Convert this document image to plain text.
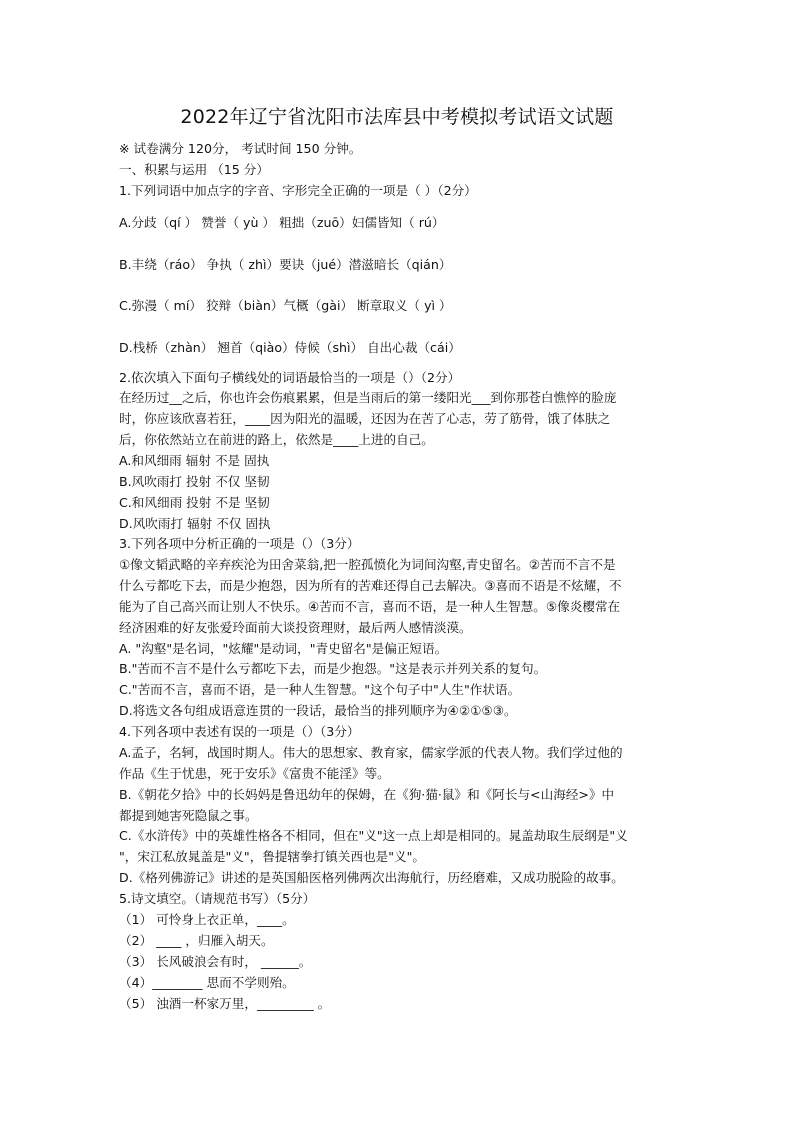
2022年辽宁省沈阳市法库县中考模拟考试语文试题
※ 试卷满分 120分， 考试时间 150 分钟。
一、积累与运用 （15 分）
1.下列词语中加点字的字音、字形完全正确的一项是（ ）（2分）
A.分歧（qí ） 赞誉（ yù ） 粗拙（zuō）妇儒皆知（ rú）
B.丰绕（ráo） 争执（ zhì）要诀（jué）潜滋暗长（qián）
C.弥漫（ mí） 狡辩（biàn）气概（gài） 断章取义（ yì ）
D.栈桥（zhàn） 翘首（qiào）侍候（shì） 自出心裁（cái）
2.依次填入下面句子横线处的词语最恰当的一项是（）（2分）
在经历过__之后，你也许会伤痕累累，但是当雨后的第一缕阳光___到你那苍白憔悴的脸庞
时，你应该欣喜若狂，____因为阳光的温暖，还因为在苦了心志，劳了筋骨，饿了体肤之
后，你依然站立在前进的路上，依然是____上进的自己。
A.和风细雨 辐射 不是 固执
B.风吹雨打 投射 不仅 坚韧
C.和风细雨 投射 不是 坚韧
D.风吹雨打 辐射 不仅 固执
3.下列各项中分析正确的一项是（）（3分）
①像文韬武略的辛弃疾沦为田舍菜翁,把一腔孤愤化为词间沟壑,青史留名。②苦而不言不是
什么亏都吃下去，而是少抱怨，因为所有的苦难还得自己去解决。③喜而不语是不炫耀，不
能为了自己高兴而让别人不快乐。④苦而不言，喜而不语，是一种人生智慧。⑤像炎樱常在
经济困难的好友张爱玲面前大谈投资理财，最后两人感情淡漠。
A. "沟壑"是名词，"炫耀"是动词，"青史留名"是偏正短语。
B."苦而不言不是什么亏都吃下去，而是少抱怨。"这是表示并列关系的复句。
C."苦而不言，喜而不语，是一种人生智慧。"这个句子中"人生"作状语。
D.将选文各句组成语意连贯的一段话，最恰当的排列顺序为④②①⑤③。
4.下列各项中表述有误的一项是（）（3分）
A.孟子，名轲，战国时期人。伟大的思想家、教育家，儒家学派的代表人物。我们学过他的
作品《生于忧患，死于安乐》《富贵不能淫》等。
B.《朝花夕拾》中的长妈妈是鲁迅幼年的保姆，在《狗·猫·鼠》和《阿长与<山海经>》中
都提到她害死隐鼠之事。
C.《水浒传》中的英雄性格各不相同，但在"义"这一点上却是相同的。晁盖劫取生辰纲是"义
"，宋江私放晁盖是"义"，鲁提辖拳打镇关西也是"义"。
D.《格列佛游记》讲述的是英国船医格列佛两次出海航行，历经磨难，又成功脱险的故事。
5.诗文填空。（请规范书写）（5分）
（1） 可怜身上衣正单，____。
（2） ____ ，归雁入胡天。
（3） 长风破浪会有时， ______。
（4）________ 思而不学则殆。
（5） 浊酒一杯家万里，_________ 。
